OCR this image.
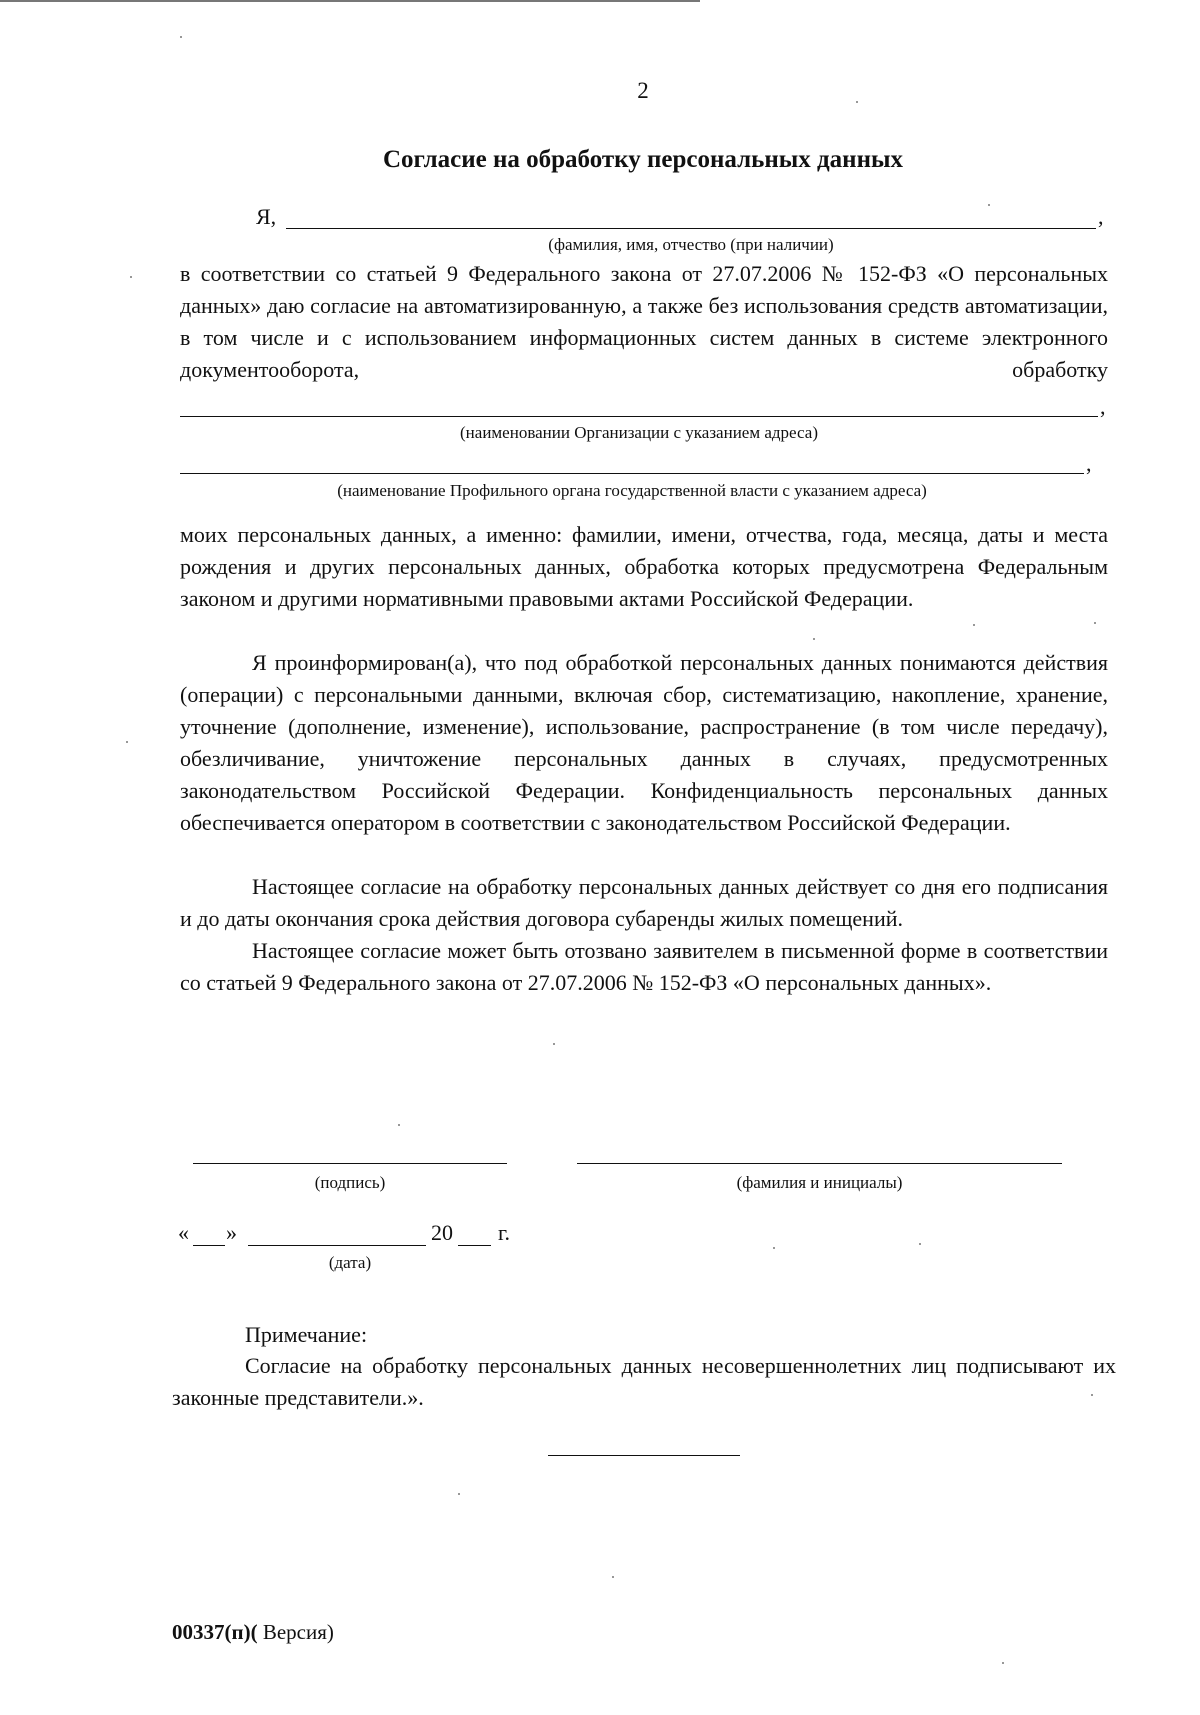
2
Согласие на обработку персональных данных
Я,	,
(фамилия, имя, отчество (при наличии)

в соответствии со статьей 9 Федерального закона от 27.07.2006 № 152-ФЗ «О персональных данных» даю согласие на автоматизированную, а также без использования средств автоматизации, в том числе и с использованием информационных систем данных в системе электронного документооборота, обработку

,
(наименовании Организации с указанием адреса)
,
(наименование Профильного органа государственной власти с указанием адреса)

моих персональных данных, а именно: фамилии, имени, отчества, года, месяца, даты и места рождения и других персональных данных, обработка которых предусмотрена Федеральным законом и другими нормативными правовыми актами Российской Федерации.

Я проинформирован(а), что под обработкой персональных данных понимаются действия (операции) с персональными данными, включая сбор, систематизацию, накопление, хранение, уточнение (дополнение, изменение), использование, распространение (в том числе передачу), обезличивание, уничтожение персональных данных в случаях, предусмотренных законодательством Российской Федерации. Конфиденциальность персональных данных обеспечивается оператором в соответствии с законодательством Российской Федерации.

Настоящее согласие на обработку персональных данных действует со дня его подписания и до даты окончания срока действия договора субаренды жилых помещений.

Настоящее согласие может быть отозвано заявителем в письменной форме в соответствии со статьей 9 Федерального закона от 27.07.2006 № 152-ФЗ «О персональных данных».

(подпись)	(фамилия и инициалы)
« »	20 г.
(дата)
Примечание:

Согласие на обработку персональных данных несовершеннолетних лиц подписывают их законные представители.».

00337(п)( Версия)
